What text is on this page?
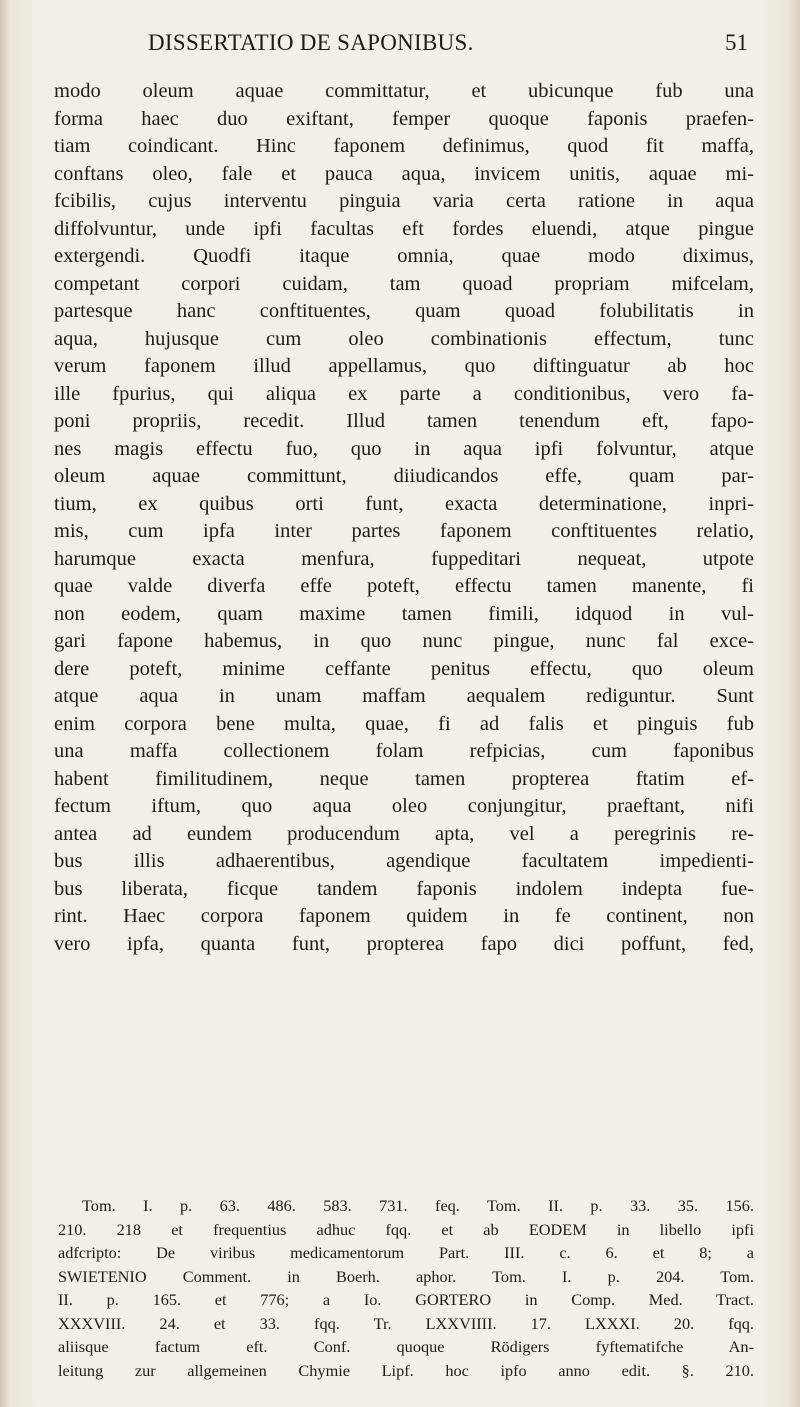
DISSERTATIO DE SAPONIBUS.	51
modo oleum aquae committatur, et ubicunque fub una
forma haec duo exiftant, femper quoque faponis praefen-
tiam coindicant. Hinc faponem definimus, quod fit maffa,
conftans oleo, fale et pauca aqua, invicem unitis, aquae mi-
fcibilis, cujus interventu pinguia varia certa ratione in aqua
diffolvuntur, unde ipfi facultas eft fordes eluendi, atque pingue
extergendi. Quodfi itaque omnia, quae modo diximus,
competant corpori cuidam, tam quoad propriam mifcelam,
partesque hanc conftituentes, quam quoad folubilitatis in
aqua, hujusque cum oleo combinationis effectum, tunc
verum faponem illud appellamus, quo diftinguatur ab hoc
ille fpurius, qui aliqua ex parte a conditionibus, vero fa-
poni propriis, recedit. Illud tamen tenendum eft, fapo-
nes magis effectu fuo, quo in aqua ipfi folvuntur, atque
oleum aquae committunt, diiudicandos effe, quam par-
tium, ex quibus orti funt, exacta determinatione, inpri-
mis, cum ipfa inter partes faponem conftituentes relatio,
harumque exacta menfura, fuppeditari nequeat, utpote
quae valde diverfa effe poteft, effectu tamen manente, fi
non eodem, quam maxime tamen fimili, idquod in vul-
gari fapone habemus, in quo nunc pingue, nunc fal exce-
dere poteft, minime ceffante penitus effectu, quo oleum
atque aqua in unam maffam aequalem rediguntur. Sunt
enim corpora bene multa, quae, fi ad falis et pinguis fub
una maffa collectionem folam refpicias, cum faponibus
habent fimilitudinem, neque tamen propterea ftatim ef-
fectum iftum, quo aqua oleo conjungitur, praeftant, nifi
antea ad eundem producendum apta, vel a peregrinis re-
bus illis adhaerentibus, agendique facultatem impedienti-
bus liberata, ficque tandem faponis indolem indepta fue-
rint. Haec corpora faponem quidem in fe continent, non
vero ipfa, quanta funt, propterea fapo dici poffunt, fed,
Tom. I. p. 63. 486. 583. 731. feq. Tom. II. p. 33. 35. 156.
210. 218 et frequentius adhuc fqq. et ab EODEM in libello ipfi
adfcripto: De viribus medicamentorum Part. III. c. 6. et 8; a
SWIETENIO Comment. in Boerh. aphor. Tom. I. p. 204. Tom.
II. p. 165. et 776; a Io. GORTERO in Comp. Med. Tract.
XXXVIII. 24. et 33. fqq. Tr. LXXVIIII. 17. LXXXI. 20. fqq.
aliisque factum eft. Conf. quoque Rödigers fyftematifche An-
leitung zur allgemeinen Chymie Lipf. hoc ipfo anno edit. §. 210.
